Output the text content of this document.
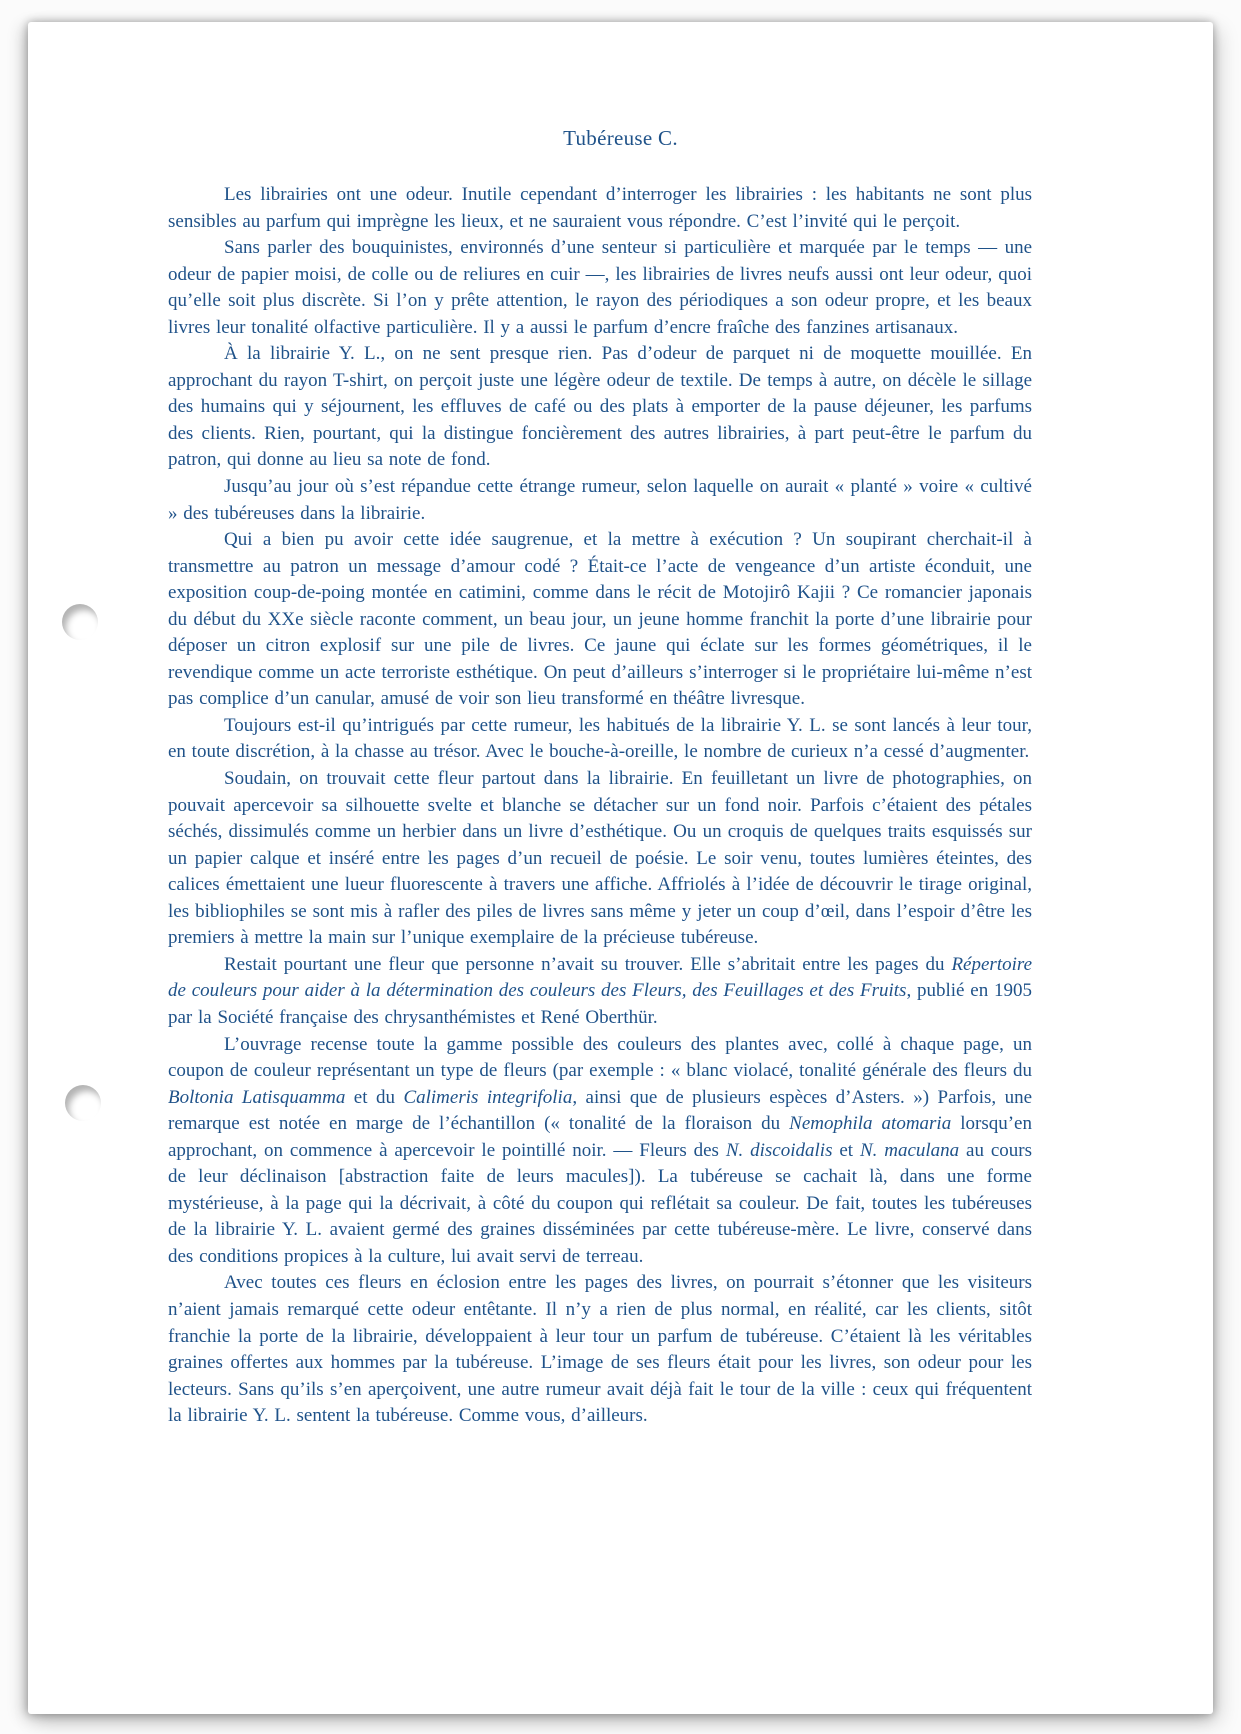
Tubéreuse C.

Les librairies ont une odeur. Inutile cependant d’interroger les librairies : les habitants ne sont plus sensibles au parfum qui imprègne les lieux, et ne sauraient vous répondre. C’est l’invité qui le perçoit.

Sans parler des bouquinistes, environnés d’une senteur si particulière et marquée par le temps — une odeur de papier moisi, de colle ou de reliures en cuir —, les librairies de livres neufs aussi ont leur odeur, quoi qu’elle soit plus discrète. Si l’on y prête attention, le rayon des périodiques a son odeur propre, et les beaux livres leur tonalité olfactive particulière. Il y a aussi le parfum d’encre fraîche des fanzines artisanaux.

À la librairie Y. L., on ne sent presque rien. Pas d’odeur de parquet ni de moquette mouillée. En approchant du rayon T-shirt, on perçoit juste une légère odeur de textile. De temps à autre, on décèle le sillage des humains qui y séjournent, les effluves de café ou des plats à emporter de la pause déjeuner, les parfums des clients. Rien, pourtant, qui la distingue foncièrement des autres librairies, à part peut-être le parfum du patron, qui donne au lieu sa note de fond.

Jusqu’au jour où s’est répandue cette étrange rumeur, selon laquelle on aurait « planté » voire « cultivé » des tubéreuses dans la librairie.

Qui a bien pu avoir cette idée saugrenue, et la mettre à exécution ? Un soupirant cherchait-il à transmettre au patron un message d’amour codé ? Était-ce l’acte de vengeance d’un artiste éconduit, une exposition coup-de-poing montée en catimini, comme dans le récit de Motojirô Kajii ? Ce romancier japonais du début du XXe siècle raconte comment, un beau jour, un jeune homme franchit la porte d’une librairie pour déposer un citron explosif sur une pile de livres. Ce jaune qui éclate sur les formes géométriques, il le revendique comme un acte terroriste esthétique. On peut d’ailleurs s’interroger si le propriétaire lui-même n’est pas complice d’un canular, amusé de voir son lieu transformé en théâtre livresque.

Toujours est-il qu’intrigués par cette rumeur, les habitués de la librairie Y. L. se sont lancés à leur tour, en toute discrétion, à la chasse au trésor. Avec le bouche-à-oreille, le nombre de curieux n’a cessé d’augmenter.

Soudain, on trouvait cette fleur partout dans la librairie. En feuilletant un livre de photographies, on pouvait apercevoir sa silhouette svelte et blanche se détacher sur un fond noir. Parfois c’étaient des pétales séchés, dissimulés comme un herbier dans un livre d’esthétique. Ou un croquis de quelques traits esquissés sur un papier calque et inséré entre les pages d’un recueil de poésie. Le soir venu, toutes lumières éteintes, des calices émettaient une lueur fluorescente à travers une affiche. Affriolés à l’idée de découvrir le tirage original, les bibliophiles se sont mis à rafler des piles de livres sans même y jeter un coup d’œil, dans l’espoir d’être les premiers à mettre la main sur l’unique exemplaire de la précieuse tubéreuse.

Restait pourtant une fleur que personne n’avait su trouver. Elle s’abritait entre les pages du Répertoire de couleurs pour aider à la détermination des couleurs des Fleurs, des Feuillages et des Fruits, publié en 1905 par la Société française des chrysanthémistes et René Oberthür.

L’ouvrage recense toute la gamme possible des couleurs des plantes avec, collé à chaque page, un coupon de couleur représentant un type de fleurs (par exemple : « blanc violacé, tonalité générale des fleurs du Boltonia Latisquamma et du Calimeris integrifolia, ainsi que de plusieurs espèces d’Asters. ») Parfois, une remarque est notée en marge de l’échantillon (« tonalité de la floraison du Nemophila atomaria lorsqu’en approchant, on commence à apercevoir le pointillé noir. — Fleurs des N. discoidalis et N. maculana au cours de leur déclinaison [abstraction faite de leurs macules]). La tubéreuse se cachait là, dans une forme mystérieuse, à la page qui la décrivait, à côté du coupon qui reflétait sa couleur. De fait, toutes les tubéreuses de la librairie Y. L. avaient germé des graines disséminées par cette tubéreuse-mère. Le livre, conservé dans des conditions propices à la culture, lui avait servi de terreau.

Avec toutes ces fleurs en éclosion entre les pages des livres, on pourrait s’étonner que les visiteurs n’aient jamais remarqué cette odeur entêtante. Il n’y a rien de plus normal, en réalité, car les clients, sitôt franchie la porte de la librairie, développaient à leur tour un parfum de tubéreuse. C’étaient là les véritables graines offertes aux hommes par la tubéreuse. L’image de ses fleurs était pour les livres, son odeur pour les lecteurs. Sans qu’ils s’en aperçoivent, une autre rumeur avait déjà fait le tour de la ville : ceux qui fréquentent la librairie Y. L. sentent la tubéreuse. Comme vous, d’ailleurs.
